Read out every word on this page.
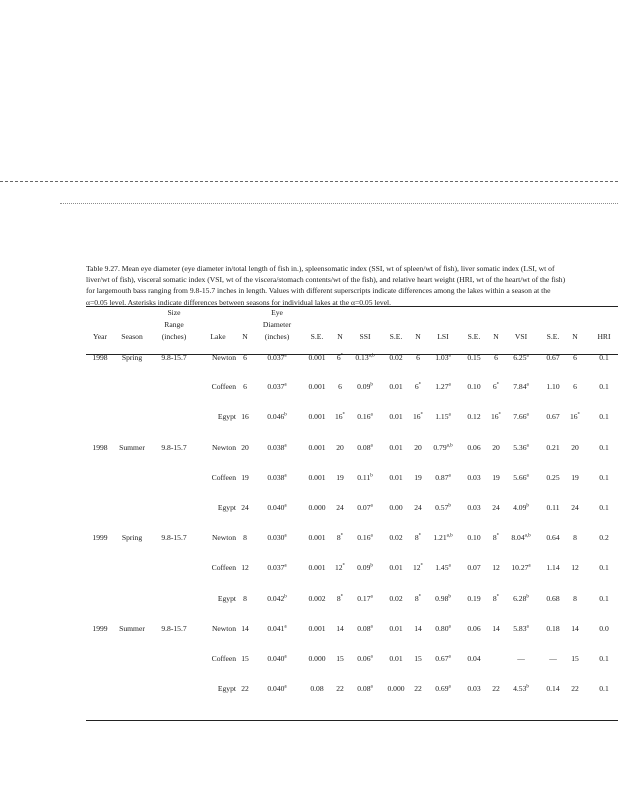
Table 9.27. Mean eye diameter (eye diameter in/total length of fish in.), spleensomatic index (SSI, wt of spleen/wt of fish), liver somatic index (LSI, wt of
liver/wt of fish), visceral somatic index (VSI, wt of the viscera/stomach contents/wt of the fish), and relative heart weight (HRI, wt of the heart/wt of the fish)
for largemouth bass ranging from 9.8-15.7 inches in length. Values with different superscripts indicate differences among the lakes within a season at the
α=0.05 level. Asterisks indicate differences between seasons for individual lakes at the α=0.05 level.
		Size			Eye												
		Range			Diameter												
Year	Season	(inches)	Lake	N	(inches)	S.E.	N	SSI	S.E.	N	LSI	S.E.	N	VSI	S.E.	N	HRI
1998	Spring	9.8-15.7	Newton	6	0.037$^a$	0.001	6*	0.13$^{a,b}$	0.02	6	1.03$^a$	0.15	6	6.25$^a$	0.67	6	0.1
			Coffeen	6	0.037$^a$	0.001	6	0.09$^b$	0.01	6*	1.27$^a$	0.10	6*	7.84$^a$	1.10	6	0.1
			Egypt	16	0.046$^b$	0.001	16*	0.16$^a$	0.01	16*	1.15$^a$	0.12	16*	7.66$^a$	0.67	16*	0.1
1998	Summer	9.8-15.7	Newton	20	0.038$^a$	0.001	20	0.08$^a$	0.01	20	0.79$^{a,b}$	0.06	20	5.36$^a$	0.21	20	0.1
			Coffeen	19	0.038$^a$	0.001	19	0.11$^b$	0.01	19	0.87$^a$	0.03	19	5.66$^a$	0.25	19	0.1
			Egypt	24	0.040$^a$	0.000	24	0.07$^a$	0.00	24	0.57$^b$	0.03	24	4.09$^b$	0.11	24	0.1
1999	Spring	9.8-15.7	Newton	8	0.030$^a$	0.001	8*	0.16$^a$	0.02	8*	1.21$^{a,b}$	0.10	8*	8.04$^{a,b}$	0.64	8	0.2
			Coffeen	12	0.037$^a$	0.001	12*	0.09$^b$	0.01	12*	1.45$^a$	0.07	12	10.27$^a$	1.14	12	0.1
			Egypt	8	0.042$^b$	0.002	8*	0.17$^a$	0.02	8*	0.98$^b$	0.19	8*	6.28$^b$	0.68	8	0.1
1999	Summer	9.8-15.7	Newton	14	0.041$^a$	0.001	14	0.08$^a$	0.01	14	0.80$^a$	0.06	14	5.83$^a$	0.18	14	0.0
			Coffeen	15	0.040$^a$	0.000	15	0.06$^a$	0.01	15	0.67$^a$	0.04		—	—	15	0.1
			Egypt	22	0.040$^a$	0.08	22	0.08$^a$	0.000	22	0.69$^a$	0.03	22	4.53$^b$	0.14	22	0.1
